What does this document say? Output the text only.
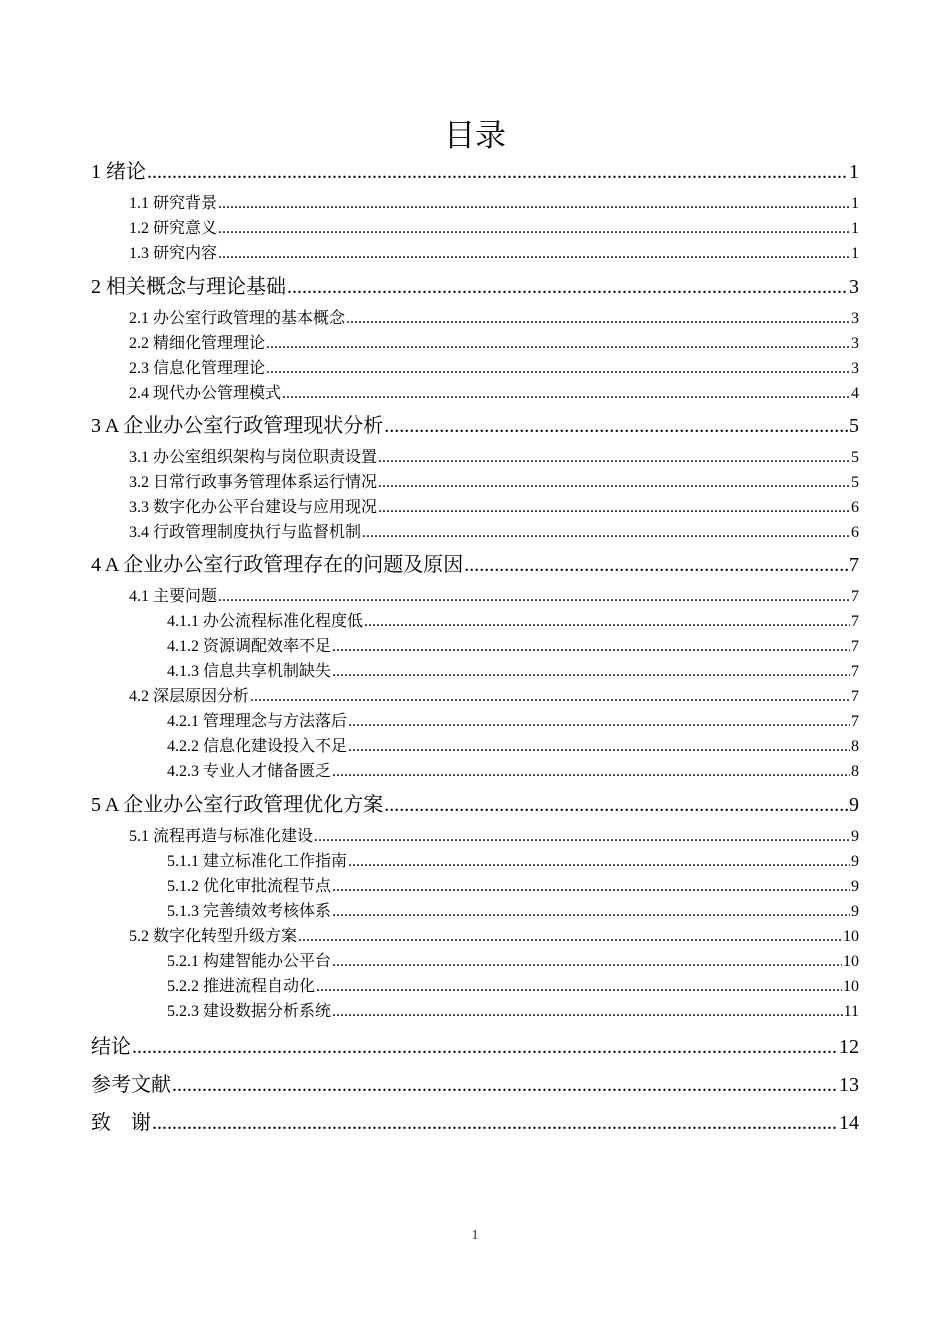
目录
1 绪论 .....	1
1.1 研究背景 .....	1
1.2 研究意义 .....	1
1.3 研究内容 .....	1
2 相关概念与理论基础 .....	3
2.1 办公室行政管理的基本概念 .....	3
2.2 精细化管理理论 .....	3
2.3 信息化管理理论 .....	3
2.4 现代办公管理模式 .....	4
3 A 企业办公室行政管理现状分析 .....	5
3.1 办公室组织架构与岗位职责设置 .....	5
3.2 日常行政事务管理体系运行情况 .....	5
3.3 数字化办公平台建设与应用现况 .....	6
3.4 行政管理制度执行与监督机制 .....	6
4 A 企业办公室行政管理存在的问题及原因 .....	7
4.1 主要问题 .....	7
4.1.1 办公流程标准化程度低 .....	7
4.1.2 资源调配效率不足 .....	7
4.1.3 信息共享机制缺失 .....	7
4.2 深层原因分析 .....	7
4.2.1 管理理念与方法落后 .....	7
4.2.2 信息化建设投入不足 .....	8
4.2.3 专业人才储备匮乏 .....	8
5 A 企业办公室行政管理优化方案 .....	9
5.1 流程再造与标准化建设 .....	9
5.1.1 建立标准化工作指南 .....	9
5.1.2 优化审批流程节点 .....	9
5.1.3 完善绩效考核体系 .....	9
5.2 数字化转型升级方案 .....	10
5.2.1 构建智能办公平台 .....	10
5.2.2 推进流程自动化 .....	10
5.2.3 建设数据分析系统 .....	11
结论 .....	12
参考文献 .....	13
致　谢 .....	14
1
